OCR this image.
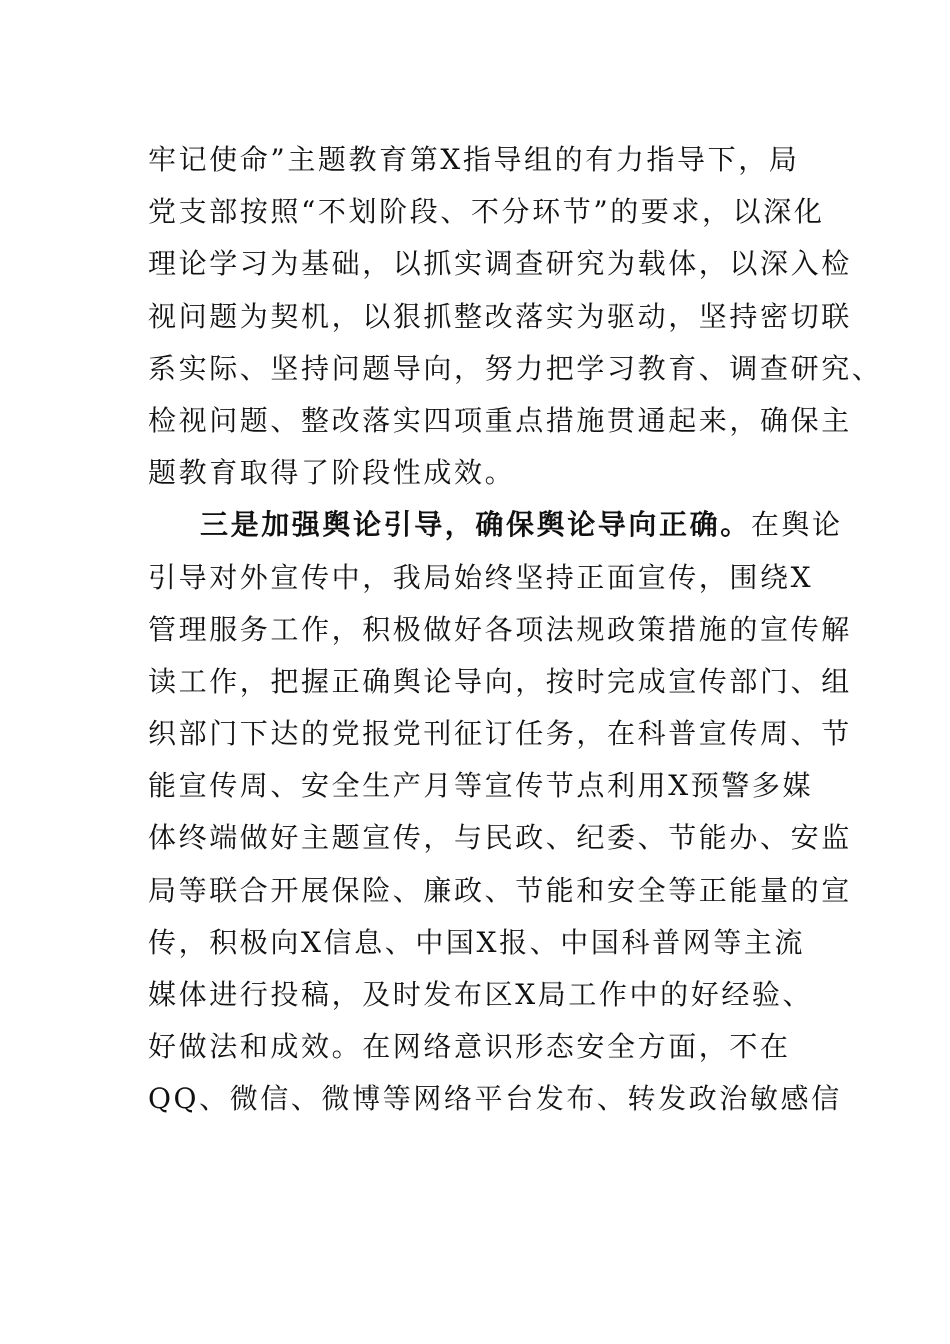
牢记使命”主题教育第X指导组的有力指导下，局
党支部按照“不划阶段、不分环节”的要求，以深化
理论学习为基础，以抓实调查研究为载体，以深入检
视问题为契机，以狠抓整改落实为驱动，坚持密切联
系实际、坚持问题导向，努力把学习教育、调查研究、
检视问题、整改落实四项重点措施贯通起来，确保主
题教育取得了阶段性成效。
三是加强舆论引导，确保舆论导向正确。在舆论
引导对外宣传中，我局始终坚持正面宣传，围绕X
管理服务工作，积极做好各项法规政策措施的宣传解
读工作，把握正确舆论导向，按时完成宣传部门、组
织部门下达的党报党刊征订任务，在科普宣传周、节
能宣传周、安全生产月等宣传节点利用X预警多媒
体终端做好主题宣传，与民政、纪委、节能办、安监
局等联合开展保险、廉政、节能和安全等正能量的宣
传，积极向X信息、中国X报、中国科普网等主流
媒体进行投稿，及时发布区X局工作中的好经验、
好做法和成效。在网络意识形态安全方面，不在
QQ、微信、微博等网络平台发布、转发政治敏感信
